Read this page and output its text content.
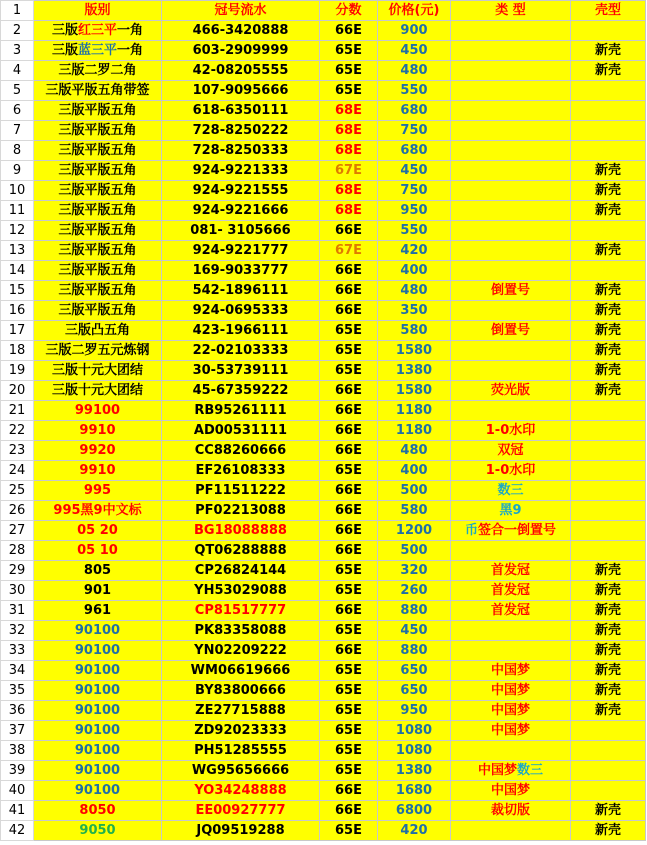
1	版别	冠号流水	分数	价格(元)	类 型	壳型
2	三版红三平一角	466-3420888	66E	900		
3	三版蓝三平一角	603-2909999	65E	450		新壳
4	三版二罗二角	42-08205555	65E	480		新壳
5	三版平版五角带签	107-9095666	65E	550		
6	三版平版五角	618-6350111	68E	680		
7	三版平版五角	728-8250222	68E	750		
8	三版平版五角	728-8250333	68E	680		
9	三版平版五角	924-9221333	67E	450		新壳
10	三版平版五角	924-9221555	68E	750		新壳
11	三版平版五角	924-9221666	68E	950		新壳
12	三版平版五角	081- 3105666	66E	550		
13	三版平版五角	924-9221777	67E	420		新壳
14	三版平版五角	169-9033777	66E	400		
15	三版平版五角	542-1896111	66E	480	倒置号	新壳
16	三版平版五角	924-0695333	66E	350		新壳
17	三版凸五角	423-1966111	65E	580	倒置号	新壳
18	三版二罗五元炼钢	22-02103333	65E	1580		新壳
19	三版十元大团结	30-53739111	65E	1380		新壳
20	三版十元大团结	45-67359222	66E	1580	荧光版	新壳
21	99100	RB95261111	66E	1180		
22	9910	AD00531111	66E	1180	1-0水印	
23	9920	CC88260666	66E	480	双冠	
24	9910	EF26108333	65E	400	1-0水印	
25	995	PF11511222	66E	500	数三	
26	995黑9中文标	PF02213088	66E	580	黑9	
27	05 20	BG18088888	66E	1200	币签合一倒置号	
28	05 10	QT06288888	66E	500		
29	805	CP26824144	65E	320	首发冠	新壳
30	901	YH53029088	65E	260	首发冠	新壳
31	961	CP81517777	66E	880	首发冠	新壳
32	90100	PK83358088	65E	450		新壳
33	90100	YN02209222	66E	880		新壳
34	90100	WM06619666	65E	650	中国梦	新壳
35	90100	BY83800666	65E	650	中国梦	新壳
36	90100	ZE27715888	65E	950	中国梦	新壳
37	90100	ZD92023333	65E	1080	中国梦	
38	90100	PH51285555	65E	1080		
39	90100	WG95656666	65E	1380	中国梦数三	
40	90100	YO34248888	66E	1680	中国梦	
41	8050	EE00927777	66E	6800	裁切版	新壳
42	9050	JQ09519288	65E	420		新壳
